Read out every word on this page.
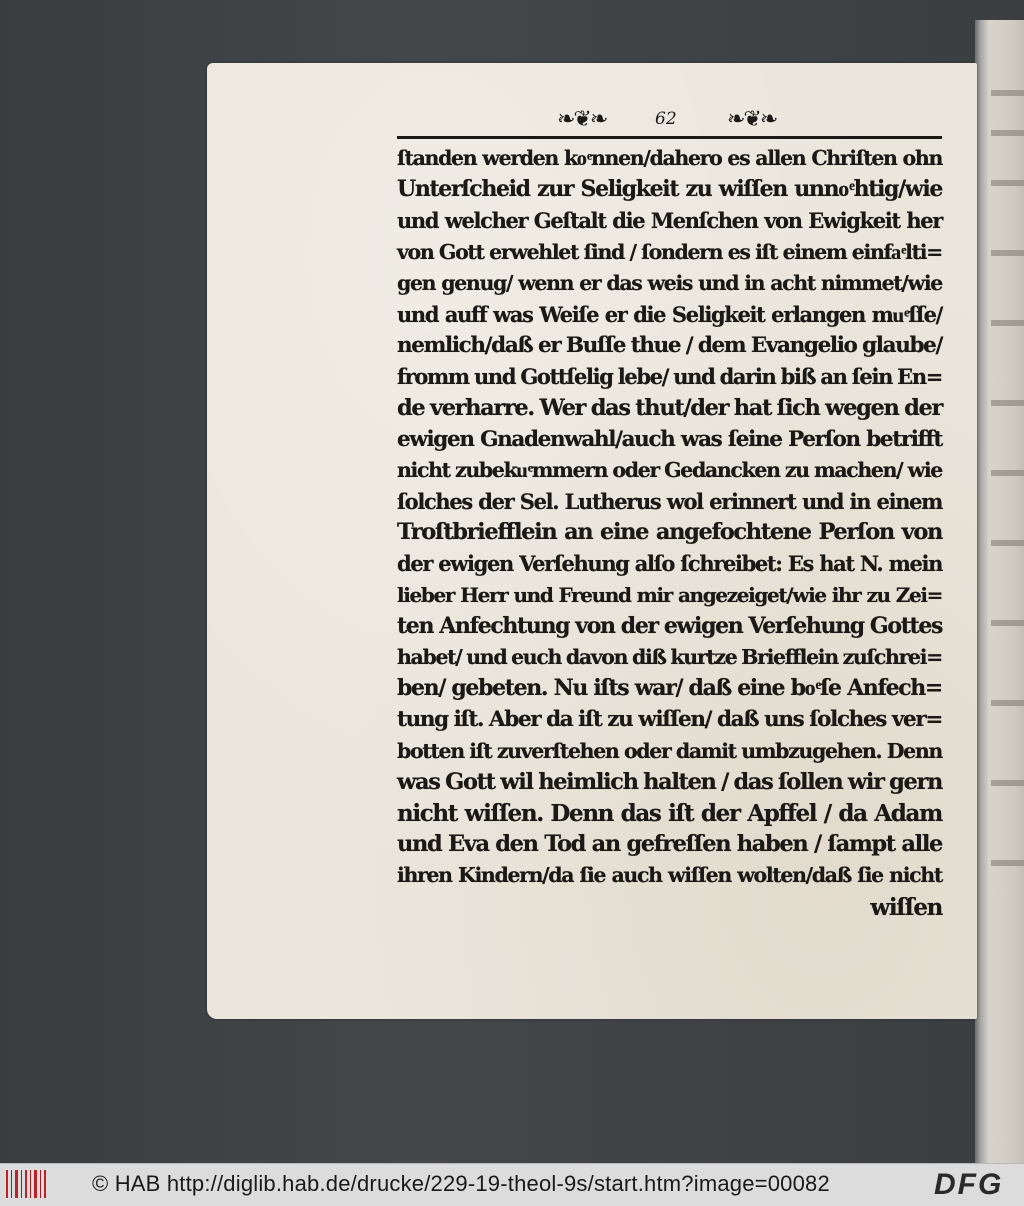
❧❦❧	62 ❧❦❧
ſtanden werden koͤnnen/dahero es allen Chriſten ohn
Unterſcheid zur Seligkeit zu wiſſen unnoͤhtig/wie
und welcher Geſtalt die Menſchen von Ewigkeit her
von Gott erwehlet ſind / ſondern es iſt einem einfaͤlti=
gen genug/ wenn er das weis und in acht nimmet/wie
und auff was Weiſe er die Seligkeit erlangen muͤſſe/
nemlich/daß er Buſſe thue / dem Evangelio glaube/
fromm und Gottſelig lebe/ und darin biß an ſein En=
de verharre. Wer das thut/der hat ſich wegen der
ewigen Gnadenwahl/auch was ſeine Perſon betrifft
nicht zubekuͤmmern oder Gedancken zu machen/ wie
ſolches der Sel. Lutherus wol erinnert und in einem
Troſtbriefflein an eine angefochtene Perſon von
der ewigen Verſehung alſo ſchreibet: Es hat N. mein
lieber Herr und Freund mir angezeiget/wie ihr zu Zei=
ten Anfechtung von der ewigen Verſehung Gottes
habet/ und euch davon diß kurtze Briefflein zuſchrei=
ben/ gebeten. Nu iſts war/ daß eine boͤſe Anfech=
tung iſt. Aber da iſt zu wiſſen/ daß uns ſolches ver=
botten iſt zuverſtehen oder damit umbzugehen. Denn
was Gott wil heimlich halten / das ſollen wir gern
nicht wiſſen. Denn das iſt der Apffel / da Adam
und Eva den Tod an gefreſſen haben / ſampt alle
ihren Kindern/da ſie auch wiſſen wolten/daß ſie nicht
wiſſen
© HAB http://diglib.hab.de/drucke/229-19-theol-9s/start.htm?image=00082	DFG
